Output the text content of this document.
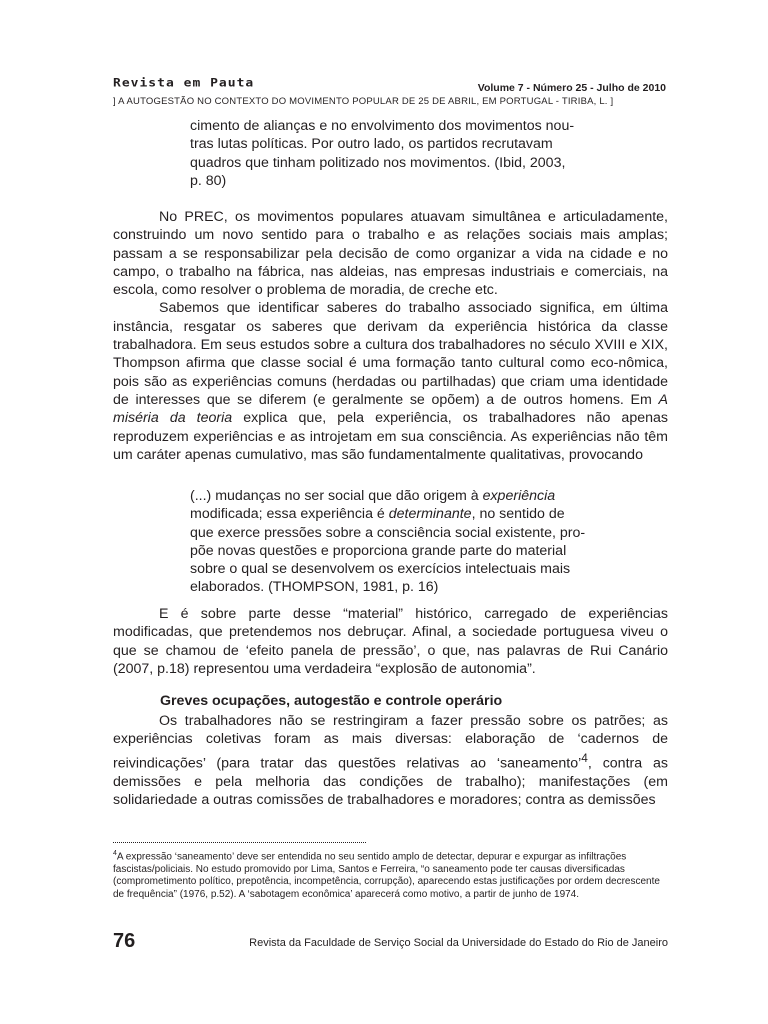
Revista em Pauta	Volume 7 - Número 25 - Julho de 2010
] A AUTOGESTÃO NO CONTEXTO DO MOVIMENTO POPULAR DE 25 DE ABRIL, EM PORTUGAL - TIRIBA, L. ]
cimento de alianças e no envolvimento dos movimentos nou-
tras lutas políticas. Por outro lado, os partidos recrutavam
quadros que tinham politizado nos movimentos. (Ibid, 2003,
p. 80)

No PREC, os movimentos populares atuavam simultânea e articuladamente, construindo um novo sentido para o trabalho e as relações sociais mais amplas; passam a se responsabilizar pela decisão de como organizar a vida na cidade e no campo, o trabalho na fábrica, nas aldeias, nas empresas industriais e comerciais, na escola, como resolver o problema de moradia, de creche etc.

Sabemos que identificar saberes do trabalho associado significa, em última instância, resgatar os saberes que derivam da experiência histórica da classe trabalhadora. Em seus estudos sobre a cultura dos trabalhadores no século XVIII e XIX, Thompson afirma que classe social é uma formação tanto cultural como eco-nômica, pois são as experiências comuns (herdadas ou partilhadas) que criam uma identidade de interesses que se diferem (e geralmente se opõem) a de outros homens. Em A miséria da teoria explica que, pela experiência, os trabalhadores não apenas reproduzem experiências e as introjetam em sua consciência. As experiências não têm um caráter apenas cumulativo, mas são fundamentalmente qualitativas, provocando

(...) mudanças no ser social que dão origem à experiência
modificada; essa experiência é determinante, no sentido de
que exerce pressões sobre a consciência social existente, pro-
põe novas questões e proporciona grande parte do material
sobre o qual se desenvolvem os exercícios intelectuais mais
elaborados. (THOMPSON, 1981, p. 16)

E é sobre parte desse “material” histórico, carregado de experiências modificadas, que pretendemos nos debruçar. Afinal, a sociedade portuguesa viveu o que se chamou de ‘efeito panela de pressão’, o que, nas palavras de Rui Canário (2007, p.18) representou uma verdadeira “explosão de autonomia”.

Greves ocupações, autogestão e controle operário

Os trabalhadores não se restringiram a fazer pressão sobre os patrões; as experiências coletivas foram as mais diversas: elaboração de ‘cadernos de reivindicações’ (para tratar das questões relativas ao ‘saneamento’$^4$, contra as demissões e pela melhoria das condições de trabalho); manifestações (em solidariedade a outras comissões de trabalhadores e moradores; contra as demissões

$^4$A expressão ‘saneamento’ deve ser entendida no seu sentido amplo de detectar, depurar e expurgar as infiltrações fascistas/policiais. No estudo promovido por Lima, Santos e Ferreira, “o saneamento pode ter causas diversificadas (comprometimento político, prepotência, incompetência, corrupção), aparecendo estas justificações por ordem decrescente de frequência” (1976, p.52). A ‘sabotagem econômica’ aparecerá como motivo, a partir de junho de 1974.
76	Revista da Faculdade de Serviço Social da Universidade do Estado do Rio de Janeiro
